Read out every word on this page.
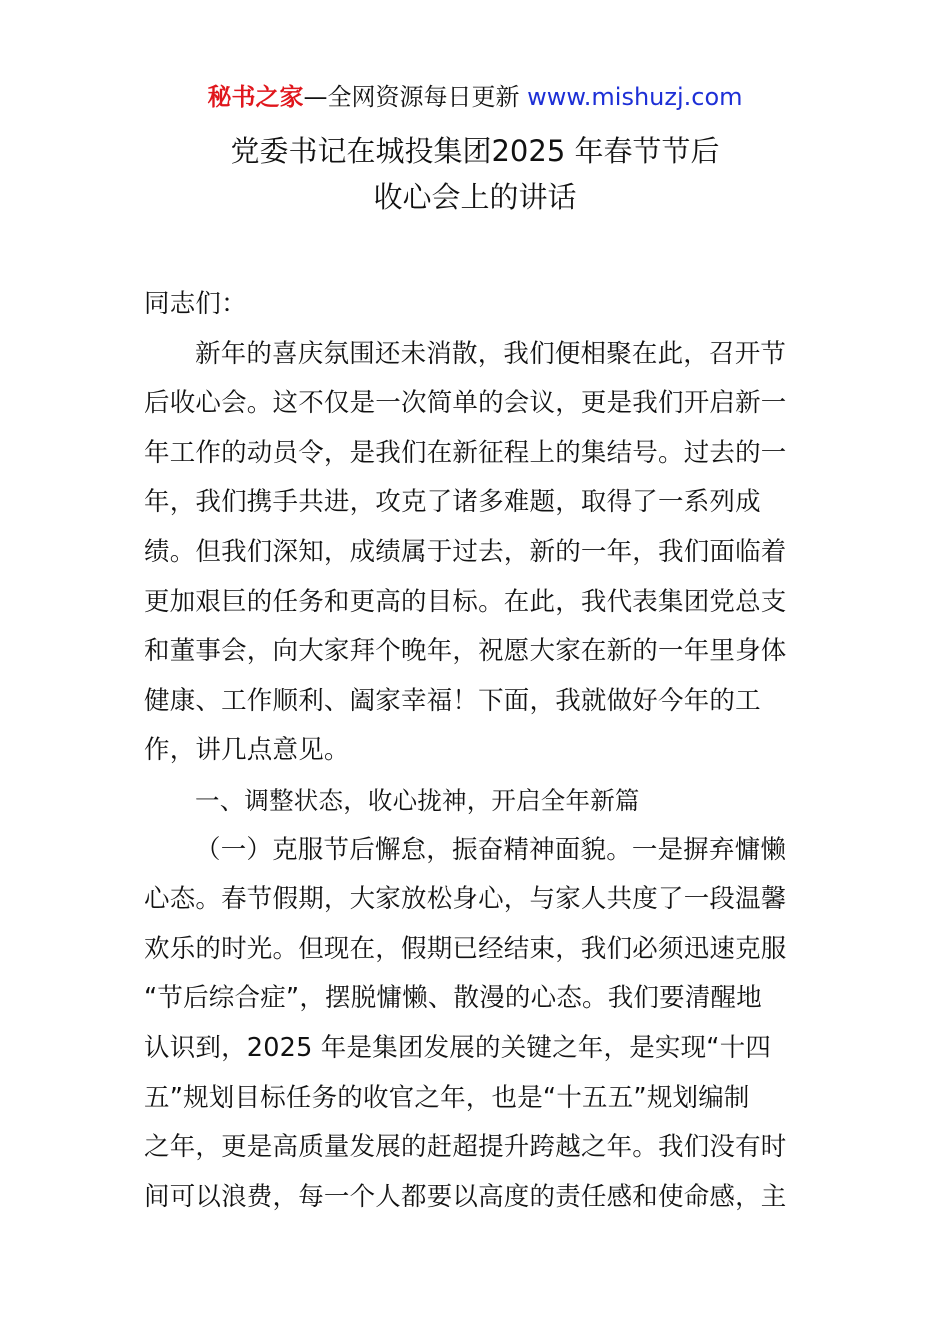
秘书之家—全网资源每日更新 www.mishuzj.com
党委书记在城投集团2025 年春节节后
收心会上的讲话
同志们：
新年的喜庆氛围还未消散，我们便相聚在此，召开节
后收心会。这不仅是一次简单的会议，更是我们开启新一
年工作的动员令，是我们在新征程上的集结号。过去的一
年，我们携手共进，攻克了诸多难题，取得了一系列成
绩。但我们深知，成绩属于过去，新的一年，我们面临着
更加艰巨的任务和更高的目标。在此，我代表集团党总支
和董事会，向大家拜个晚年，祝愿大家在新的一年里身体
健康、工作顺利、阖家幸福！下面，我就做好今年的工
作，讲几点意见。
一、调整状态，收心拢神，开启全年新篇
（一）克服节后懈怠，振奋精神面貌。一是摒弃慵懒
心态。春节假期，大家放松身心，与家人共度了一段温馨
欢乐的时光。但现在，假期已经结束，我们必须迅速克服
“节后综合症”，摆脱慵懒、散漫的心态。我们要清醒地
认识到，2025 年是集团发展的关键之年，是实现“十四
五”规划目标任务的收官之年，也是“十五五”规划编制
之年，更是高质量发展的赶超提升跨越之年。我们没有时
间可以浪费，每一个人都要以高度的责任感和使命感，主
